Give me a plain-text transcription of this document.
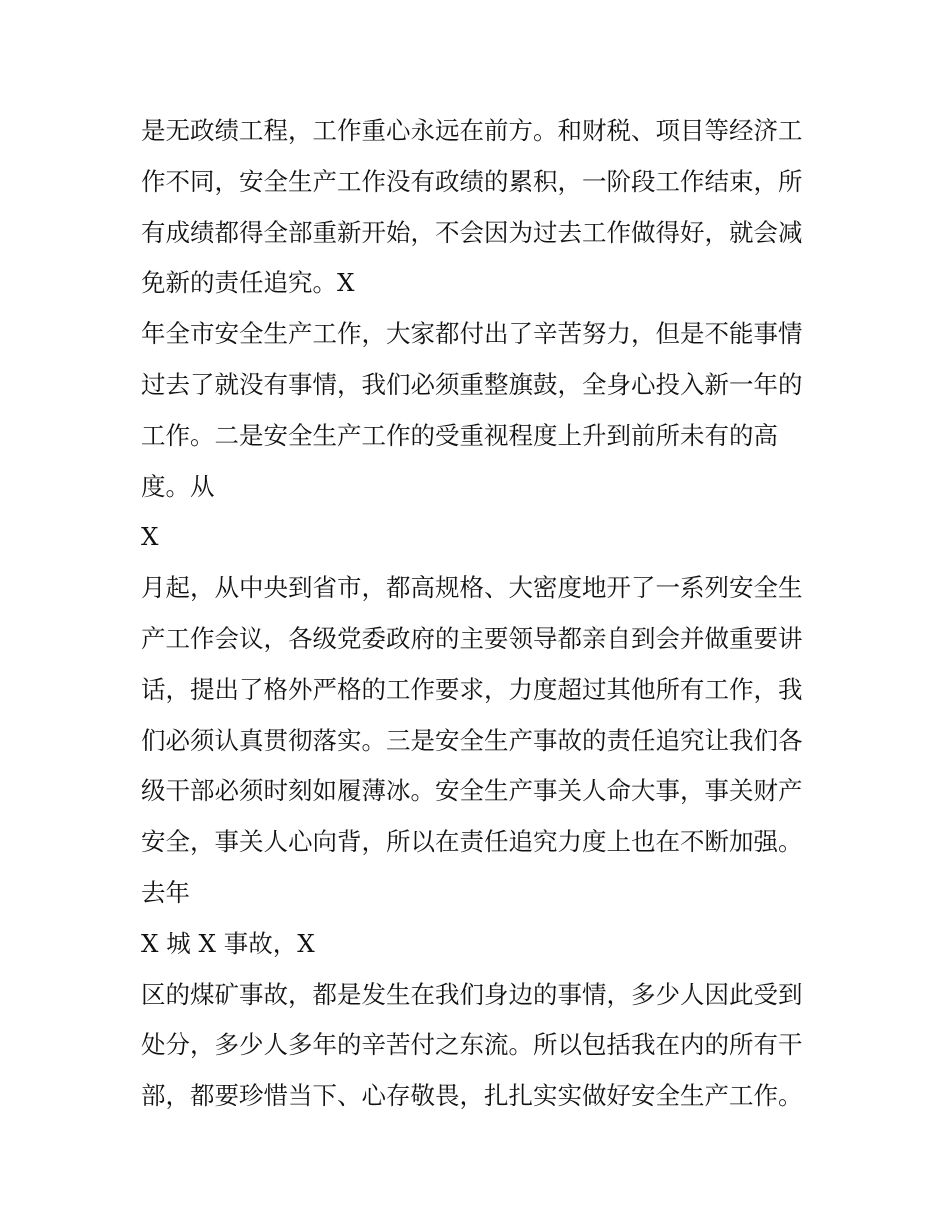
是无政绩工程，工作重心永远在前方。和财税、项目等经济工
作不同，安全生产工作没有政绩的累积，一阶段工作结束，所
有成绩都得全部重新开始，不会因为过去工作做得好，就会减
免新的责任追究。X
年全市安全生产工作，大家都付出了辛苦努力，但是不能事情
过去了就没有事情，我们必须重整旗鼓，全身心投入新一年的
工作。二是安全生产工作的受重视程度上升到前所未有的高
度。从
X
月起，从中央到省市，都高规格、大密度地开了一系列安全生
产工作会议，各级党委政府的主要领导都亲自到会并做重要讲
话，提出了格外严格的工作要求，力度超过其他所有工作，我
们必须认真贯彻落实。三是安全生产事故的责任追究让我们各
级干部必须时刻如履薄冰。安全生产事关人命大事，事关财产
安全，事关人心向背，所以在责任追究力度上也在不断加强。
去年
X 城 X 事故，X
区的煤矿事故，都是发生在我们身边的事情，多少人因此受到
处分，多少人多年的辛苦付之东流。所以包括我在内的所有干
部，都要珍惜当下、心存敬畏，扎扎实实做好安全生产工作。
